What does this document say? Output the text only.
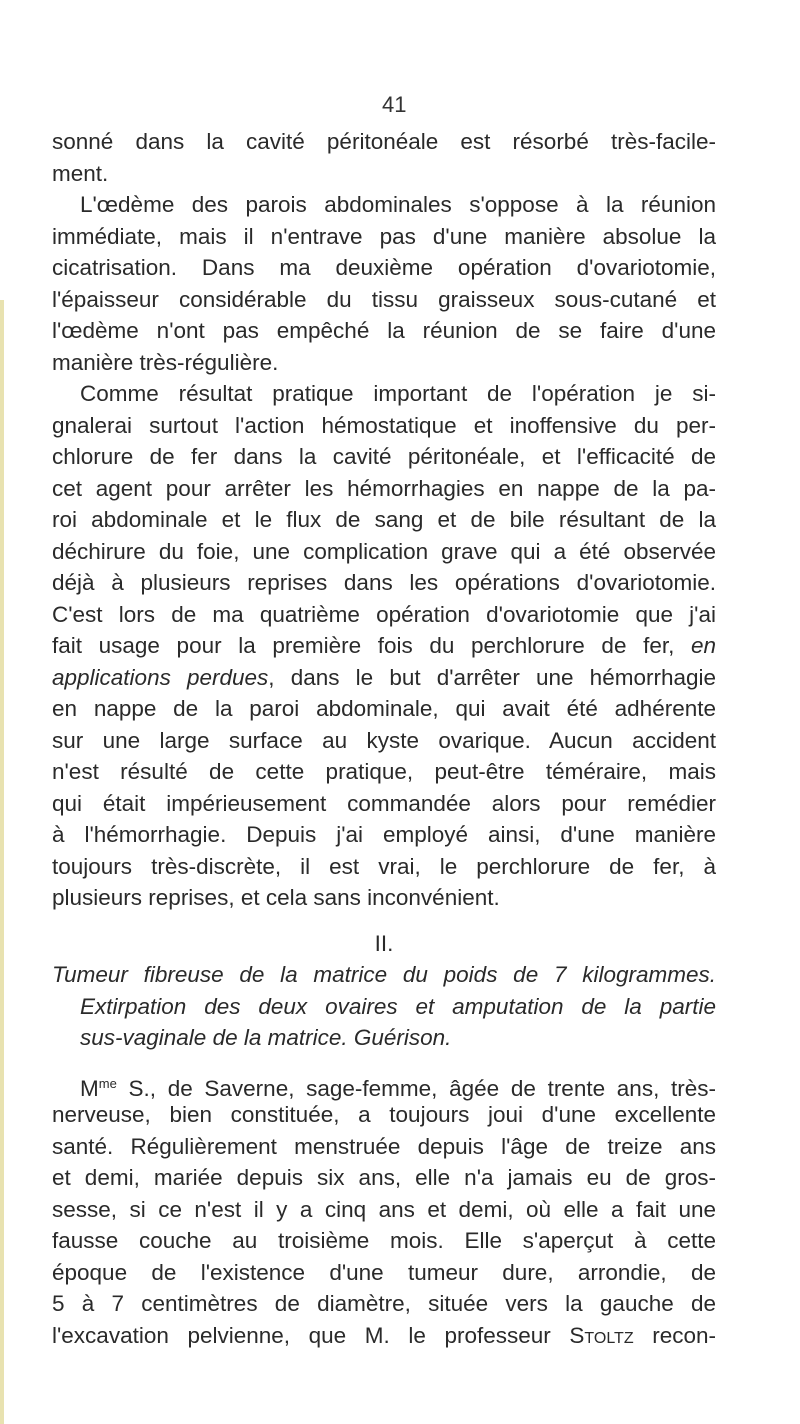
41
sonné dans la cavité péritonéale est résorbé très-facile-
ment.
L'œdème des parois abdominales s'oppose à la réunion
immédiate, mais il n'entrave pas d'une manière absolue la
cicatrisation. Dans ma deuxième opération d'ovariotomie,
l'épaisseur considérable du tissu graisseux sous-cutané et
l'œdème n'ont pas empêché la réunion de se faire d'une
manière très-régulière.
Comme résultat pratique important de l'opération je si-
gnalerai surtout l'action hémostatique et inoffensive du per-
chlorure de fer dans la cavité péritonéale, et l'efficacité de
cet agent pour arrêter les hémorrhagies en nappe de la pa-
roi abdominale et le flux de sang et de bile résultant de la
déchirure du foie, une complication grave qui a été observée
déjà à plusieurs reprises dans les opérations d'ovariotomie.
C'est lors de ma quatrième opération d'ovariotomie que j'ai
fait usage pour la première fois du perchlorure de fer, en
applications perdues, dans le but d'arrêter une hémorrhagie
en nappe de la paroi abdominale, qui avait été adhérente
sur une large surface au kyste ovarique. Aucun accident
n'est résulté de cette pratique, peut-être téméraire, mais
qui était impérieusement commandée alors pour remédier
à l'hémorrhagie. Depuis j'ai employé ainsi, d'une manière
toujours très-discrète, il est vrai, le perchlorure de fer, à
plusieurs reprises, et cela sans inconvénient.
II.
Tumeur fibreuse de la matrice du poids de 7 kilogrammes.
Extirpation des deux ovaires et amputation de la partie
sus-vaginale de la matrice. Guérison.
$M^{me}$ S., de Saverne, sage-femme, âgée de trente ans, très-
nerveuse, bien constituée, a toujours joui d'une excellente
santé. Régulièrement menstruée depuis l'âge de treize ans
et demi, mariée depuis six ans, elle n'a jamais eu de gros-
sesse, si ce n'est il y a cinq ans et demi, où elle a fait une
fausse couche au troisième mois. Elle s'aperçut à cette
époque de l'existence d'une tumeur dure, arrondie, de
5 à 7 centimètres de diamètre, située vers la gauche de
l'excavation pelvienne, que M. le professeur Stoltz recon-
